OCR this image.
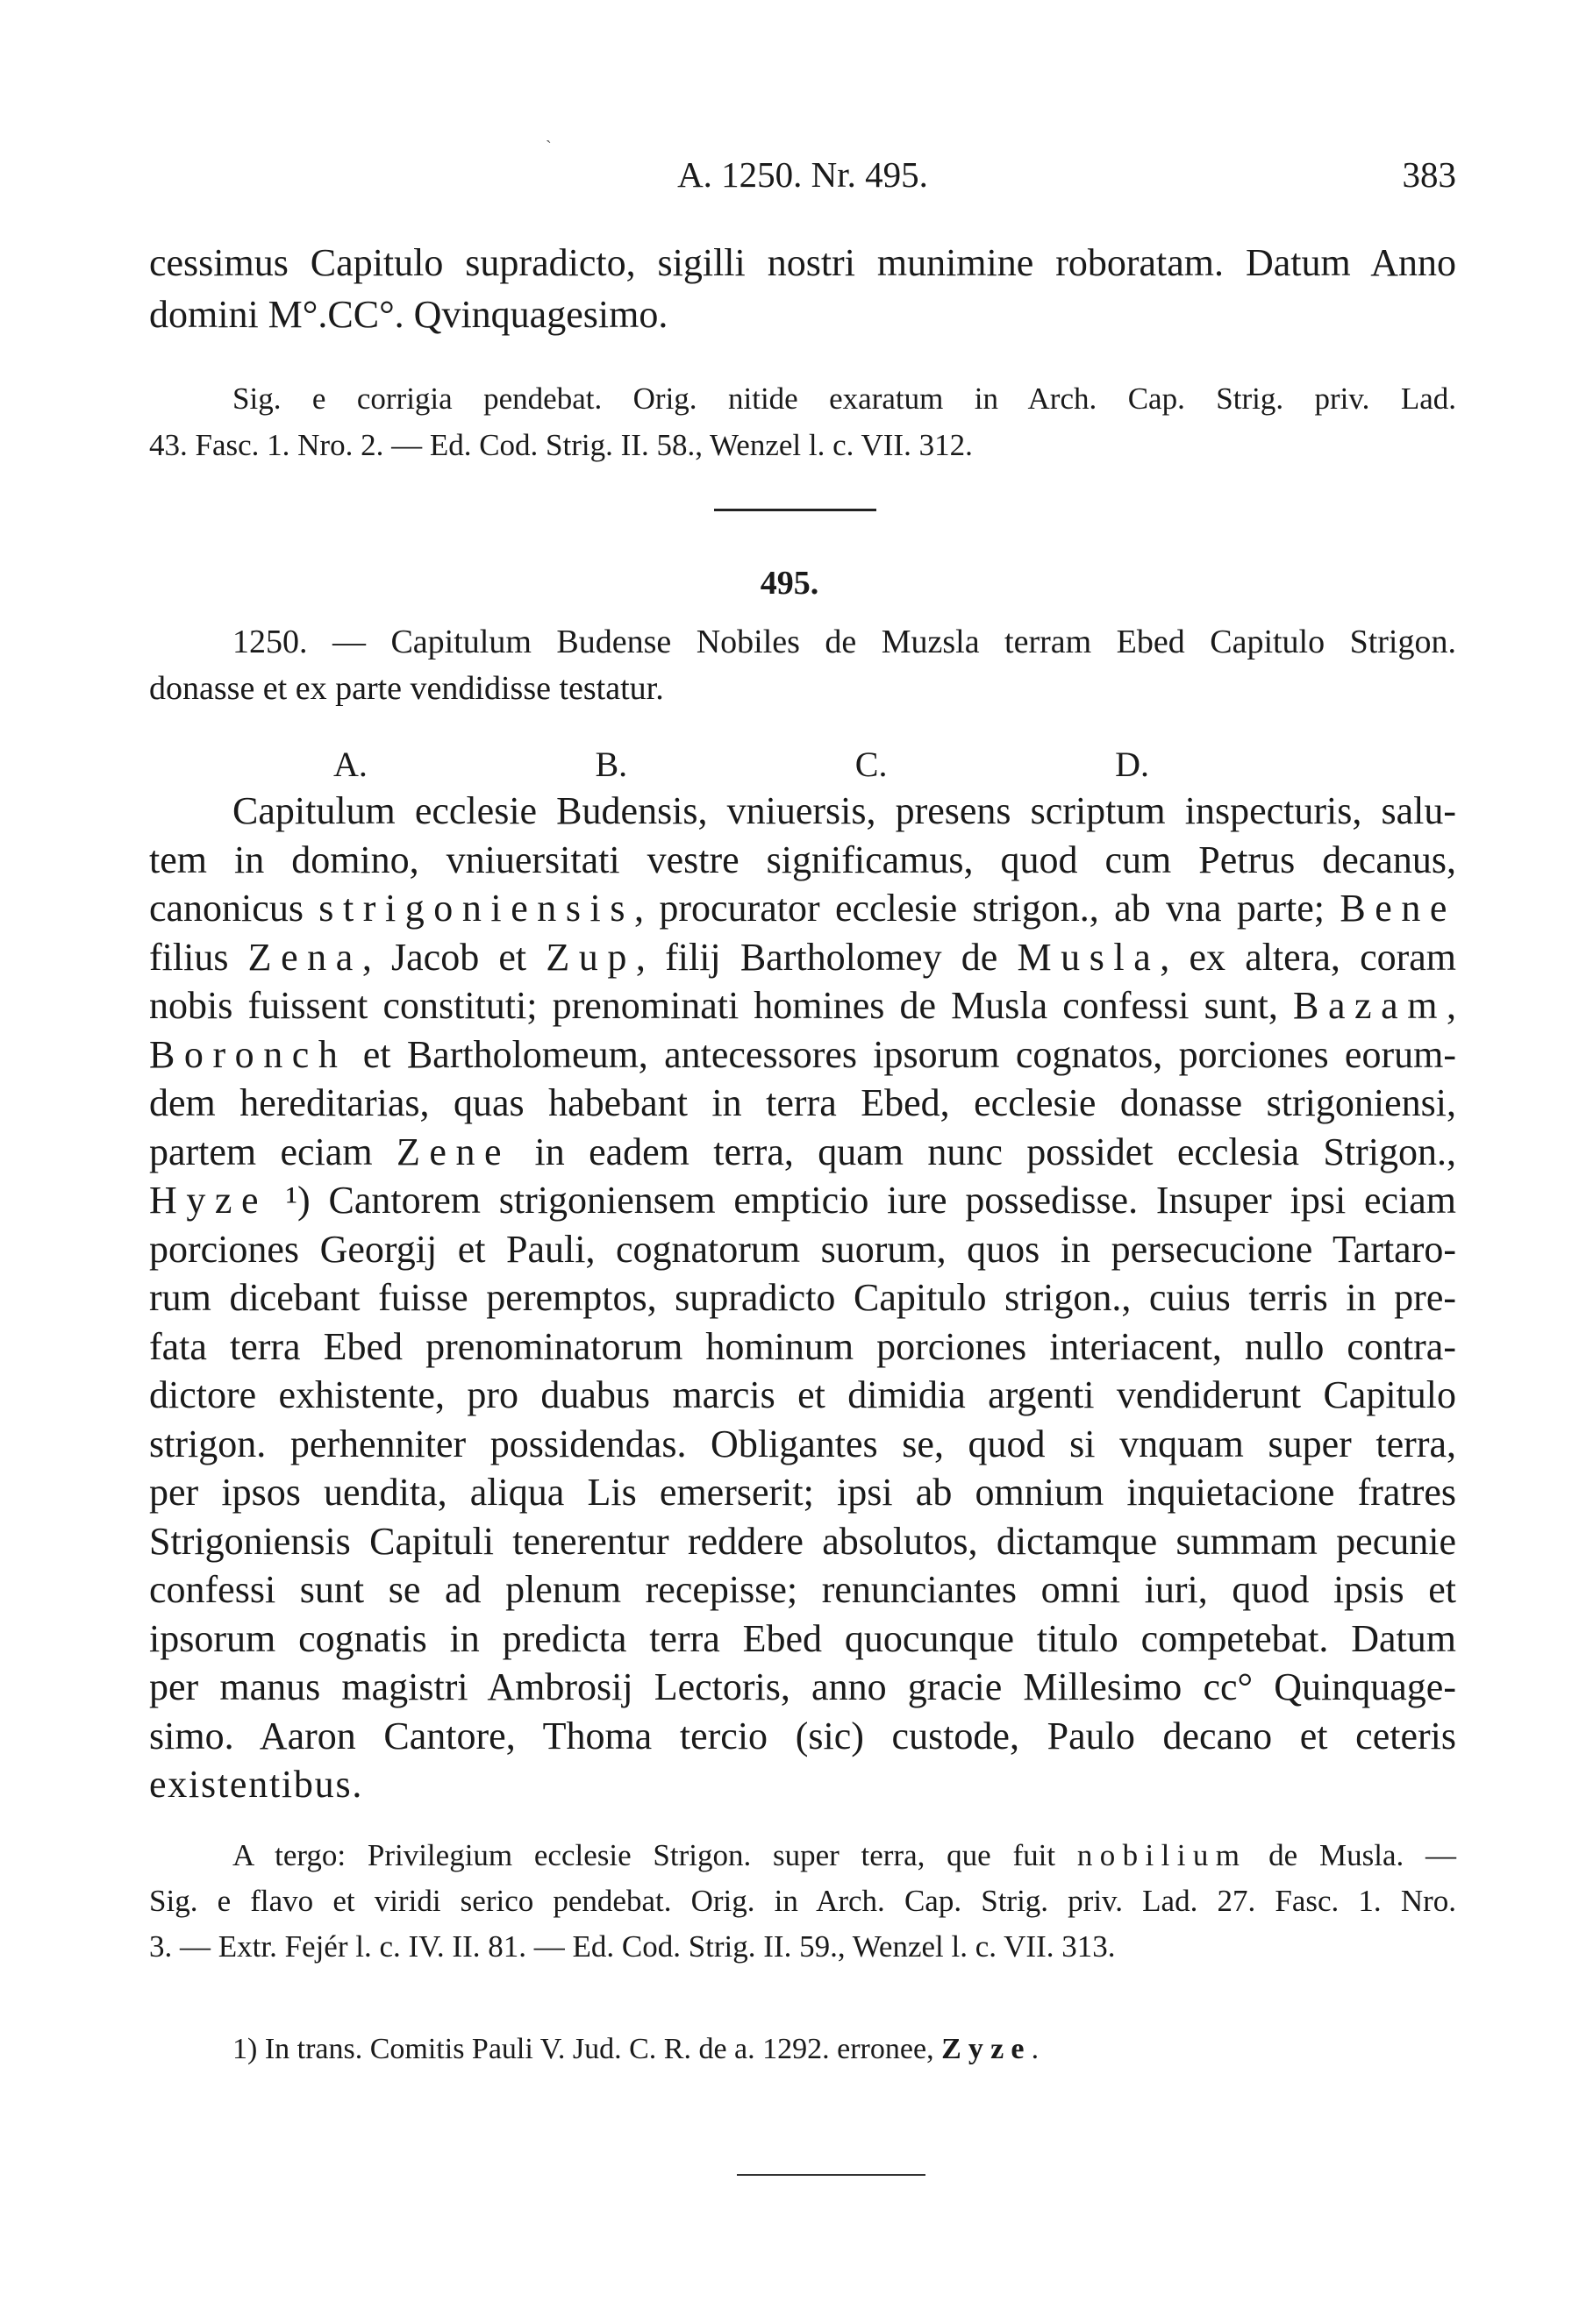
˴
A. 1250. Nr. 495.	383
cessimus Capitulo supradicto, sigilli nostri munimine roboratam. Datum Anno
domini M°.CC°. Qvinquagesimo.
Sig. e corrigia pendebat. Orig. nitide exaratum in Arch. Cap. Strig. priv. Lad.
43. Fasc. 1. Nro. 2. — Ed. Cod. Strig. II. 58., Wenzel l. c. VII. 312.
495.
1250. — Capitulum Budense Nobiles de Muzsla terram Ebed Capitulo Strigon.
donasse et ex parte vendidisse testatur.
A.	B.	C.	D.
Capitulum ecclesie Budensis, vniuersis, presens scriptum inspecturis, salu-
tem in domino, vniuersitati vestre significamus, quod cum Petrus decanus,
canonicus strigoniensis, procurator ecclesie strigon., ab vna parte; Bene
filius Zena, Jacob et Zup, filij Bartholomey de Musla, ex altera, coram
nobis fuissent constituti; prenominati homines de Musla confessi sunt, Bazam,
Boronch et Bartholomeum, antecessores ipsorum cognatos, porciones eorum-
dem hereditarias, quas habebant in terra Ebed, ecclesie donasse strigoniensi,
partem eciam Zene in eadem terra, quam nunc possidet ecclesia Strigon.,
Hyze ¹) Cantorem strigoniensem empticio iure possedisse. Insuper ipsi eciam
porciones Georgij et Pauli, cognatorum suorum, quos in persecucione Tartaro-
rum dicebant fuisse peremptos, supradicto Capitulo strigon., cuius terris in pre-
fata terra Ebed prenominatorum hominum porciones interiacent, nullo contra-
dictore exhistente, pro duabus marcis et dimidia argenti vendiderunt Capitulo
strigon. perhenniter possidendas. Obligantes se, quod si vnquam super terra,
per ipsos uendita, aliqua Lis emerserit; ipsi ab omnium inquietacione fratres
Strigoniensis Capituli tenerentur reddere absolutos, dictamque summam pecunie
confessi sunt se ad plenum recepisse; renunciantes omni iuri, quod ipsis et
ipsorum cognatis in predicta terra Ebed quocunque titulo competebat. Datum
per manus magistri Ambrosij Lectoris, anno gracie Millesimo cc° Quinquage-
simo. Aaron Cantore, Thoma tercio (sic) custode, Paulo decano et ceteris
existentibus.
A tergo: Privilegium ecclesie Strigon. super terra, que fuit nobilium de Musla. —
Sig. e flavo et viridi serico pendebat. Orig. in Arch. Cap. Strig. priv. Lad. 27. Fasc. 1. Nro.
3. — Extr. Fejér l. c. IV. II. 81. — Ed. Cod. Strig. II. 59., Wenzel l. c. VII. 313.
1) In trans. Comitis Pauli V. Jud. C. R. de a. 1292. erronee, Zyze.
